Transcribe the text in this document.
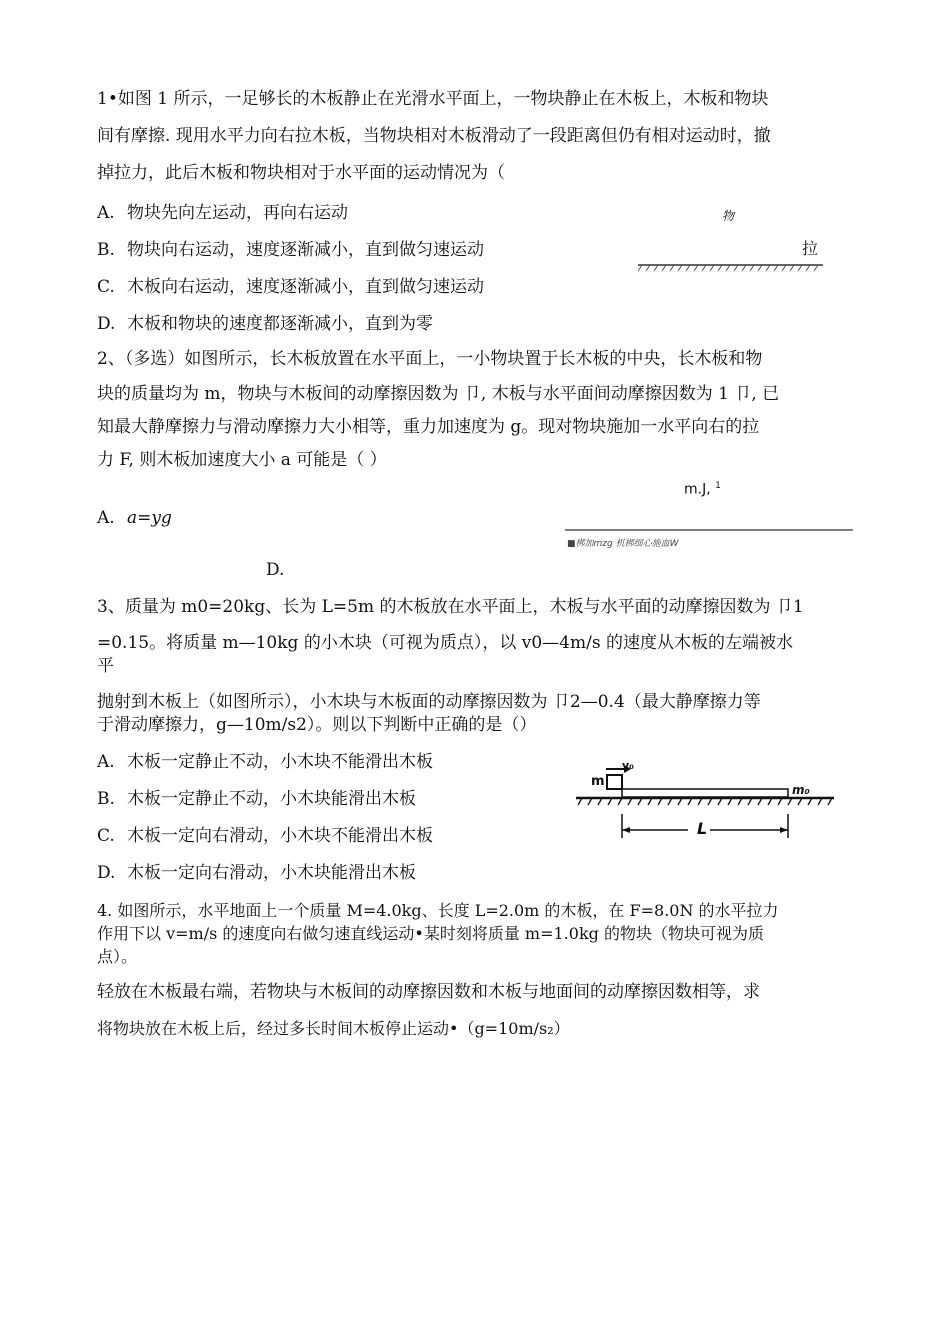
1•如图 1 所示，一足够长的木板静止在光滑水平面上，一物块静止在木板上，木板和物块

间有摩擦. 现用水平力向右拉木板，当物块相对木板滑动了一段距离但仍有相对运动时，撤

掉拉力，此后木板和物块相对于水平面的运动情况为（

A. 物块先向左运动，再向右运动
B. 物块向右运动，速度逐渐减小，直到做匀速运动
C. 木板向右运动，速度逐渐减小，直到做匀速运动
D. 木板和物块的速度都逐渐减小，直到为零
物
拉

2、（多选）如图所示，长木板放置在水平面上，一小物块置于长木板的中央，长木板和物

块的质量均为 m，物块与木板间的动摩擦因数为 卩, 木板与水平面间动摩擦因数为 1 卩, 已

知最大静摩擦力与滑动摩擦力大小相等，重力加速度为 g。现对物块施加一水平向右的拉

力 F, 则木板加速度大小 a 可能是（ ）

A. a=yg
D.
m.J, $^1$
■梆加mzg 机梆细心施血W
3、质量为 m0=20kg、长为 L=5m 的木板放在水平面上，木板与水平面的动摩擦因数为 卩1
=0.15。将质量 m—10kg 的小木块（可视为质点），以 v0—4m/s 的速度从木板的左端被水
平
抛射到木板上（如图所示），小木块与木板面的动摩擦因数为 卩2—0.4（最大静摩擦力等
于滑动摩擦力，g—10m/s2）。则以下判断中正确的是（）
A. 木板一定静止不动，小木块不能滑出木板
B. 木板一定静止不动，小木块能滑出木板
C. 木板一定向右滑动，小木块不能滑出木板
D. 木板一定向右滑动，小木块能滑出木板
m
v₀
m₀
L
4. 如图所示，水平地面上一个质量 M=4.0kg、长度 L=2.0m 的木板，在 F=8.0N 的水平拉力
作用下以 v=m/s 的速度向右做匀速直线运动•某时刻将质量 m=1.0kg 的物块（物块可视为质
点）。
轻放在木板最右端，若物块与木板间的动摩擦因数和木板与地面间的动摩擦因数相等，求
将物块放在木板上后，经过多长时间木板停止运动•（g=10m/s₂）
